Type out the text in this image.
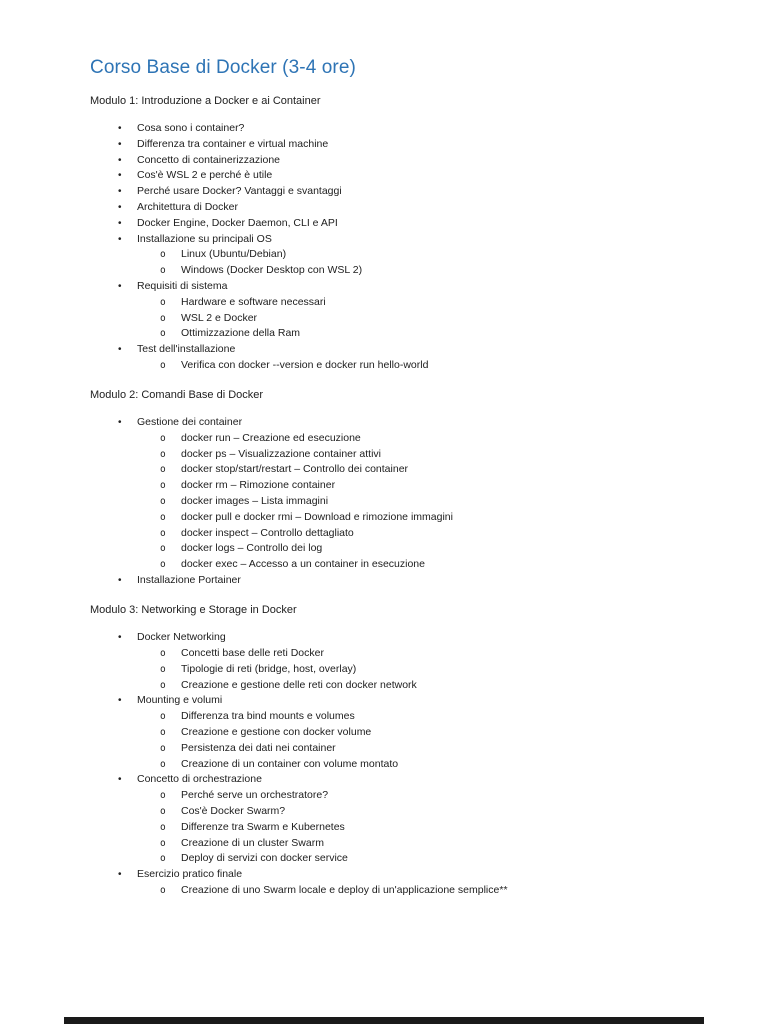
Corso Base di Docker (3-4 ore)

Modulo 1: Introduzione a Docker e ai Container

• Cosa sono i container?
• Differenza tra container e virtual machine
• Concetto di containerizzazione
• Cos'è WSL 2 e perché è utile
• Perché usare Docker? Vantaggi e svantaggi
• Architettura di Docker
• Docker Engine, Docker Daemon, CLI e API
• Installazione su principali OS
o Linux (Ubuntu/Debian)
o Windows (Docker Desktop con WSL 2)
• Requisiti di sistema
o Hardware e software necessari
o WSL 2 e Docker
o Ottimizzazione della Ram
• Test dell'installazione
o Verifica con docker --version e docker run hello-world

Modulo 2: Comandi Base di Docker

• Gestione dei container
o docker run – Creazione ed esecuzione
o docker ps – Visualizzazione container attivi
o docker stop/start/restart – Controllo dei container
o docker rm – Rimozione container
o docker images – Lista immagini
o docker pull e docker rmi – Download e rimozione immagini
o docker inspect – Controllo dettagliato
o docker logs – Controllo dei log
o docker exec – Accesso a un container in esecuzione
• Installazione Portainer

Modulo 3: Networking e Storage in Docker

• Docker Networking
o Concetti base delle reti Docker
o Tipologie di reti (bridge, host, overlay)
o Creazione e gestione delle reti con docker network
• Mounting e volumi
o Differenza tra bind mounts e volumes
o Creazione e gestione con docker volume
o Persistenza dei dati nei container
o Creazione di un container con volume montato
• Concetto di orchestrazione
o Perché serve un orchestratore?
o Cos'è Docker Swarm?
o Differenze tra Swarm e Kubernetes
o Creazione di un cluster Swarm
o Deploy di servizi con docker service
• Esercizio pratico finale
o Creazione di uno Swarm locale e deploy di un'applicazione semplice**
